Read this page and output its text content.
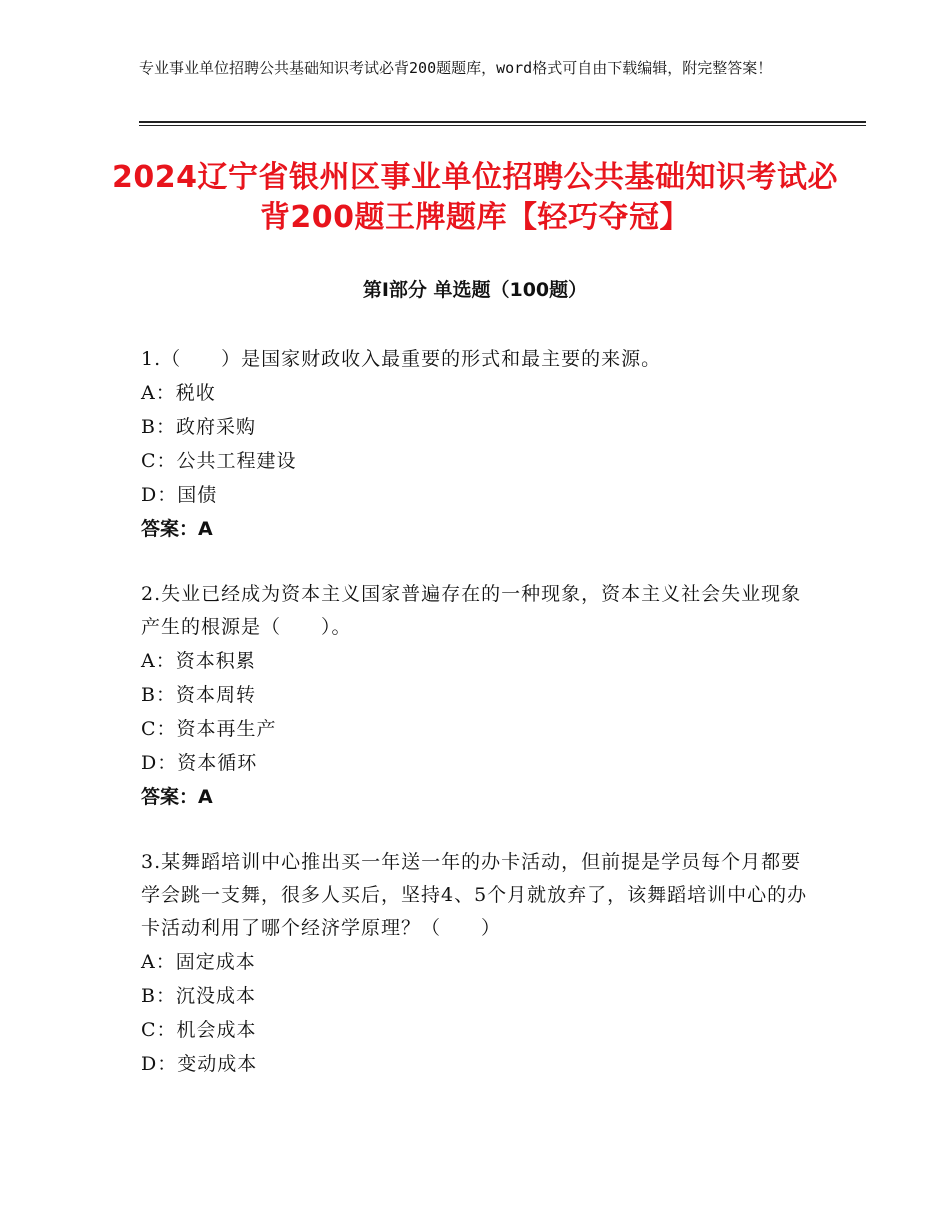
专业事业单位招聘公共基础知识考试必背200题题库，word格式可自由下载编辑，附完整答案！
2024辽宁省银州区事业单位招聘公共基础知识考试必背200题王牌题库【轻巧夺冠】
第Ⅰ部分 单选题（100题）

1.（　　）是国家财政收入最重要的形式和最主要的来源。

A：税收

B：政府采购

C：公共工程建设

D：国债

答案：A

2.失业已经成为资本主义国家普遍存在的一种现象，资本主义社会失业现象产生的根源是（　　）。

A：资本积累

B：资本周转

C：资本再生产

D：资本循环

答案：A

3.某舞蹈培训中心推出买一年送一年的办卡活动，但前提是学员每个月都要学会跳一支舞，很多人买后，坚持4、5个月就放弃了，该舞蹈培训中心的办卡活动利用了哪个经济学原理？（　　）

A：固定成本

B：沉没成本

C：机会成本

D：变动成本
